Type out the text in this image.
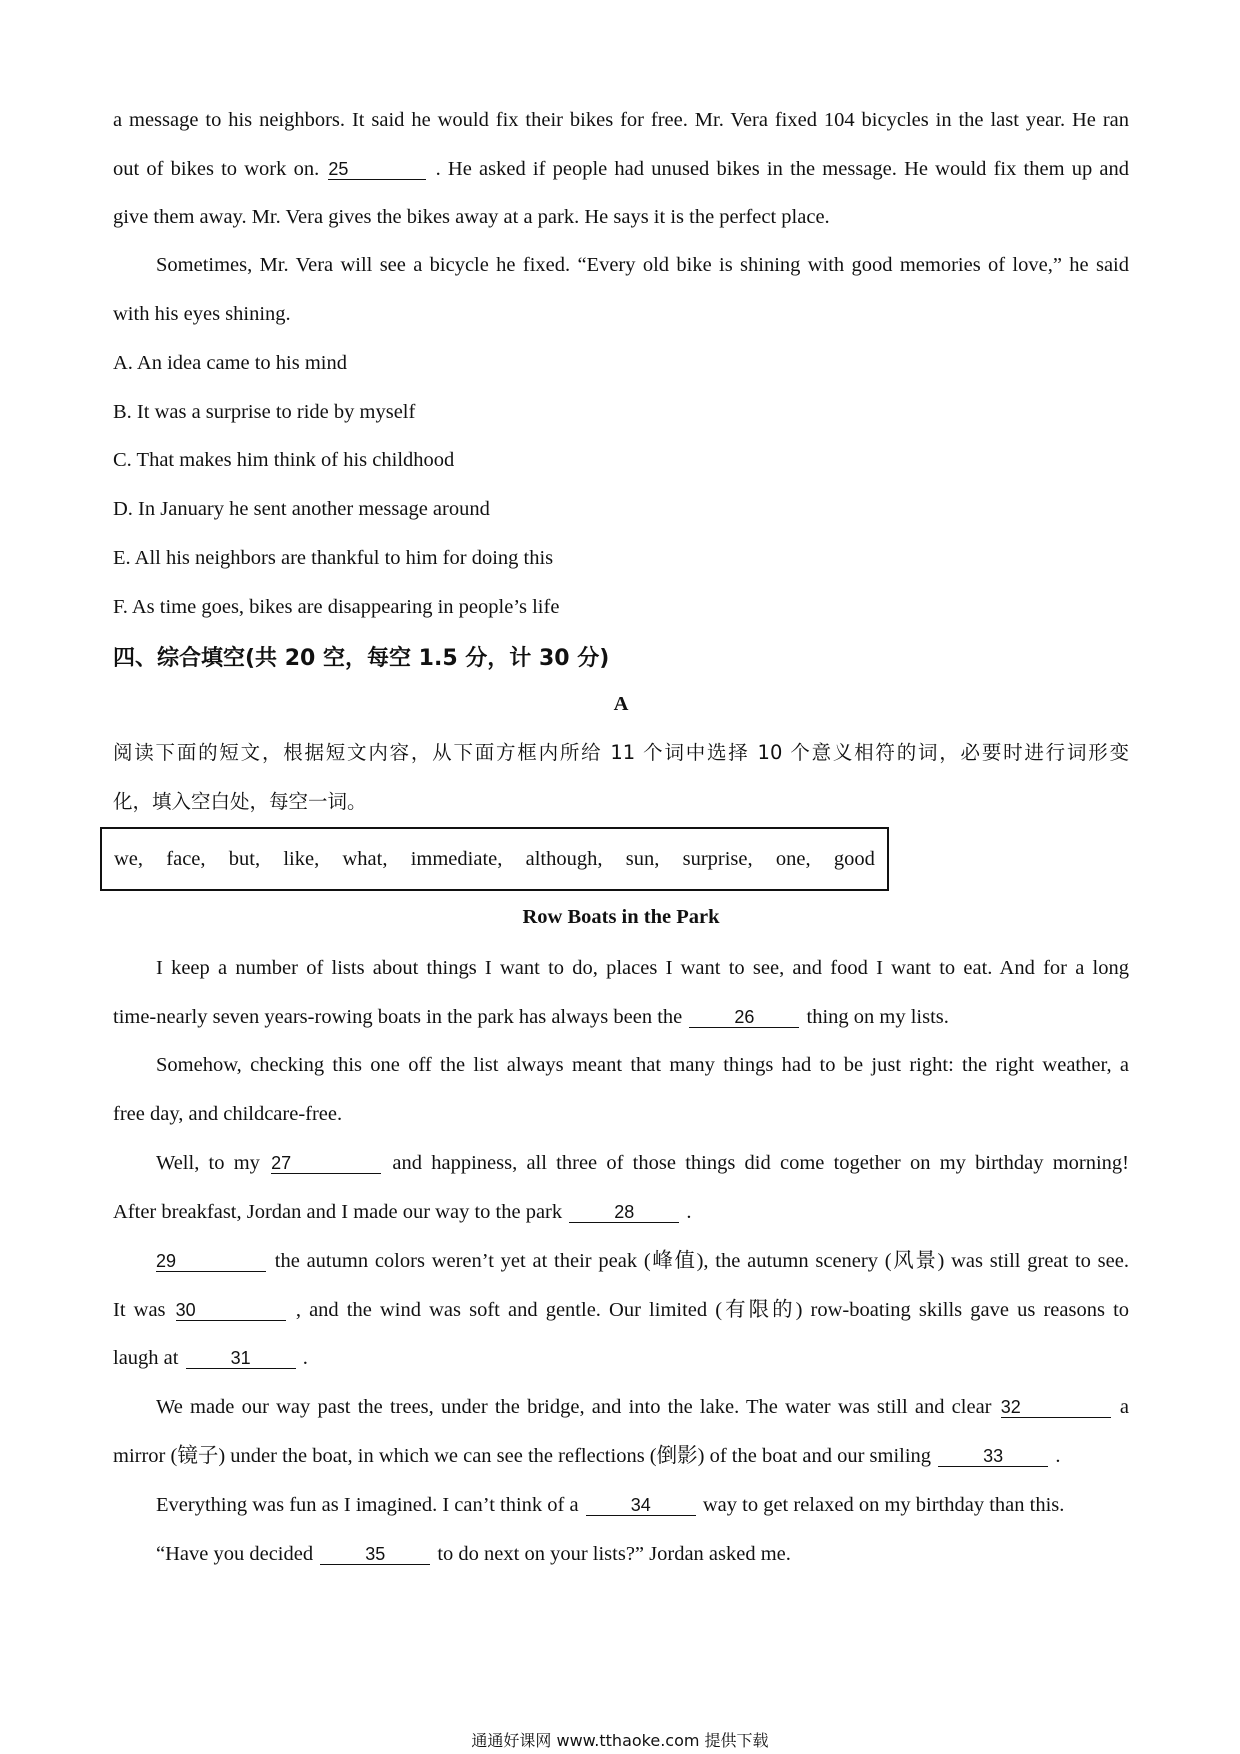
a message to his neighbors. It said he would fix their bikes for free. Mr. Vera fixed 104 bicycles in the last year. He ran
out of bikes to work on. 25	. He asked if people had unused bikes in the message. He would fix them up and
give them away. Mr. Vera gives the bikes away at a park. He says it is the perfect place.
Sometimes, Mr. Vera will see a bicycle he fixed. “Every old bike is shining with good memories of love,” he said
with his eyes shining.
A. An idea came to his mind
B. It was a surprise to ride by myself
C. That makes him think of his childhood
D. In January he sent another message around
E. All his neighbors are thankful to him for doing this
F. As time goes, bikes are disappearing in people’s life
四、综合填空(共 20 空，每空 1.5 分，计 30 分)
A
阅读下面的短文，根据短文内容，从下面方框内所给 11 个词中选择 10 个意义相符的词，必要时进行词形变
化，填入空白处，每空一词。
we, face, but, like, what, immediate, although, sun, surprise, one, good
Row Boats in the Park
I keep a number of lists about things I want to do, places I want to see, and food I want to eat. And for a long
time-nearly seven years-rowing boats in the park has always been the	26	thing on my lists.
Somehow, checking this one off the list always meant that many things had to be just right: the right weather, a
free day, and childcare-free.
Well, to my 27	and happiness, all three of those things did come together on my birthday morning!
After breakfast, Jordan and I made our way to the park	28	.
29	the autumn colors weren’t yet at their peak (峰值), the autumn scenery (风景) was still great to see.
It was 30	, and the wind was soft and gentle. Our limited (有限的) row-boating skills gave us reasons to
laugh at	31	.
We made our way past the trees, under the bridge, and into the lake. The water was still and clear 32	a
mirror (镜子) under the boat, in which we can see the reflections (倒影) of the boat and our smiling	33	.
Everything was fun as I imagined. I can’t think of a	34	way to get relaxed on my birthday than this.
“Have you decided	35	to do next on your lists?” Jordan asked me.
通通好课网 www.tthaoke.com 提供下载
